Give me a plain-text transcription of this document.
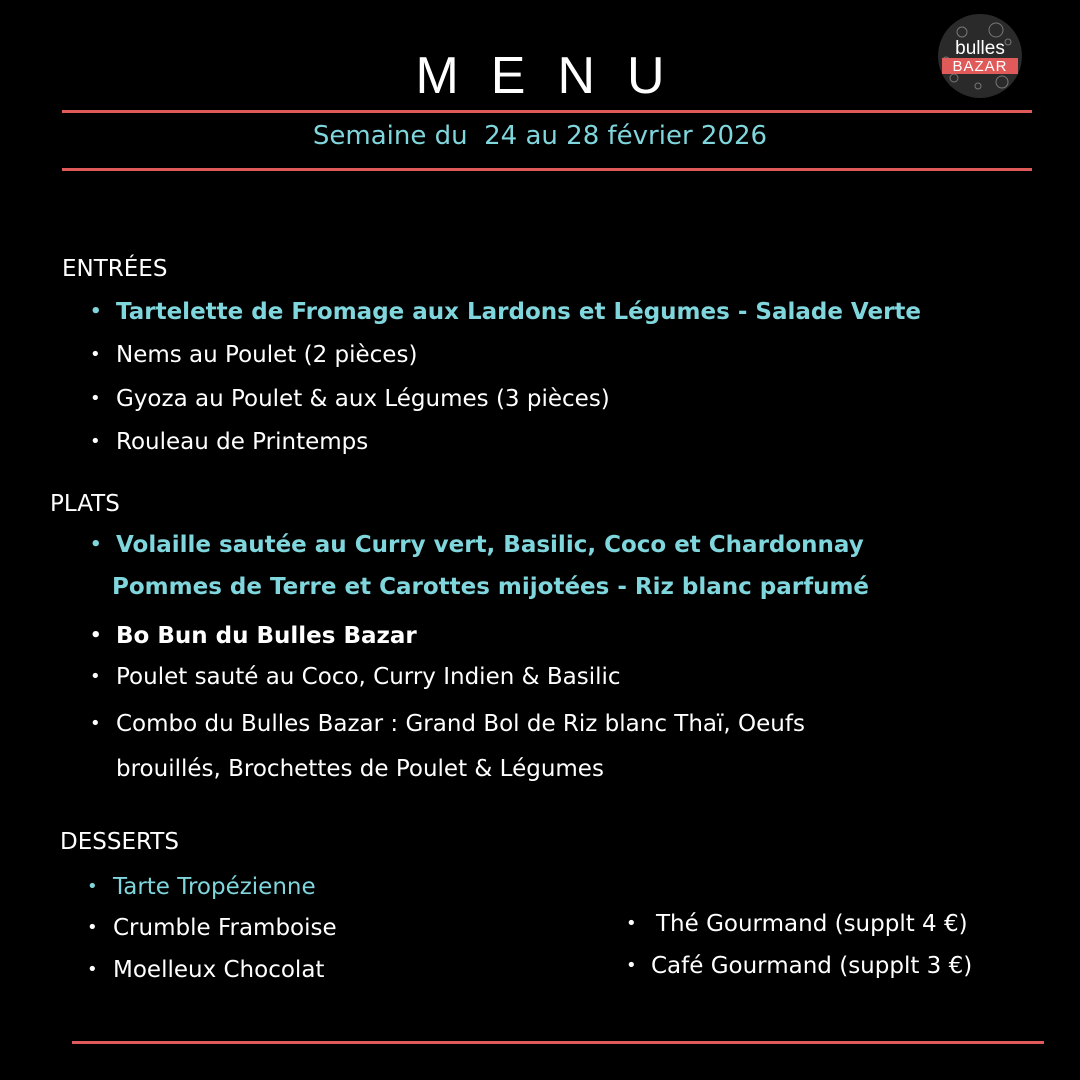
MENU	bulles
BAZAR
Semaine du  24 au 28 février 2026
ENTRÉES
• Tartelette de Fromage aux Lardons et Légumes - Salade Verte
• Nems au Poulet (2 pièces)
• Gyoza au Poulet & aux Légumes (3 pièces)
• Rouleau de Printemps
PLATS
• Volaille sautée au Curry vert, Basilic, Coco et Chardonnay
Pommes de Terre et Carottes mijotées - Riz blanc parfumé
• Bo Bun du Bulles Bazar
• Poulet sauté au Coco, Curry Indien & Basilic
• Combo du Bulles Bazar : Grand Bol de Riz blanc Thaï, Oeufs
brouillés, Brochettes de Poulet & Légumes
DESSERTS
• Tarte Tropézienne
• Crumble Framboise
• Moelleux Chocolat
• Thé Gourmand (supplt 4 €)
• Café Gourmand (supplt 3 €)
